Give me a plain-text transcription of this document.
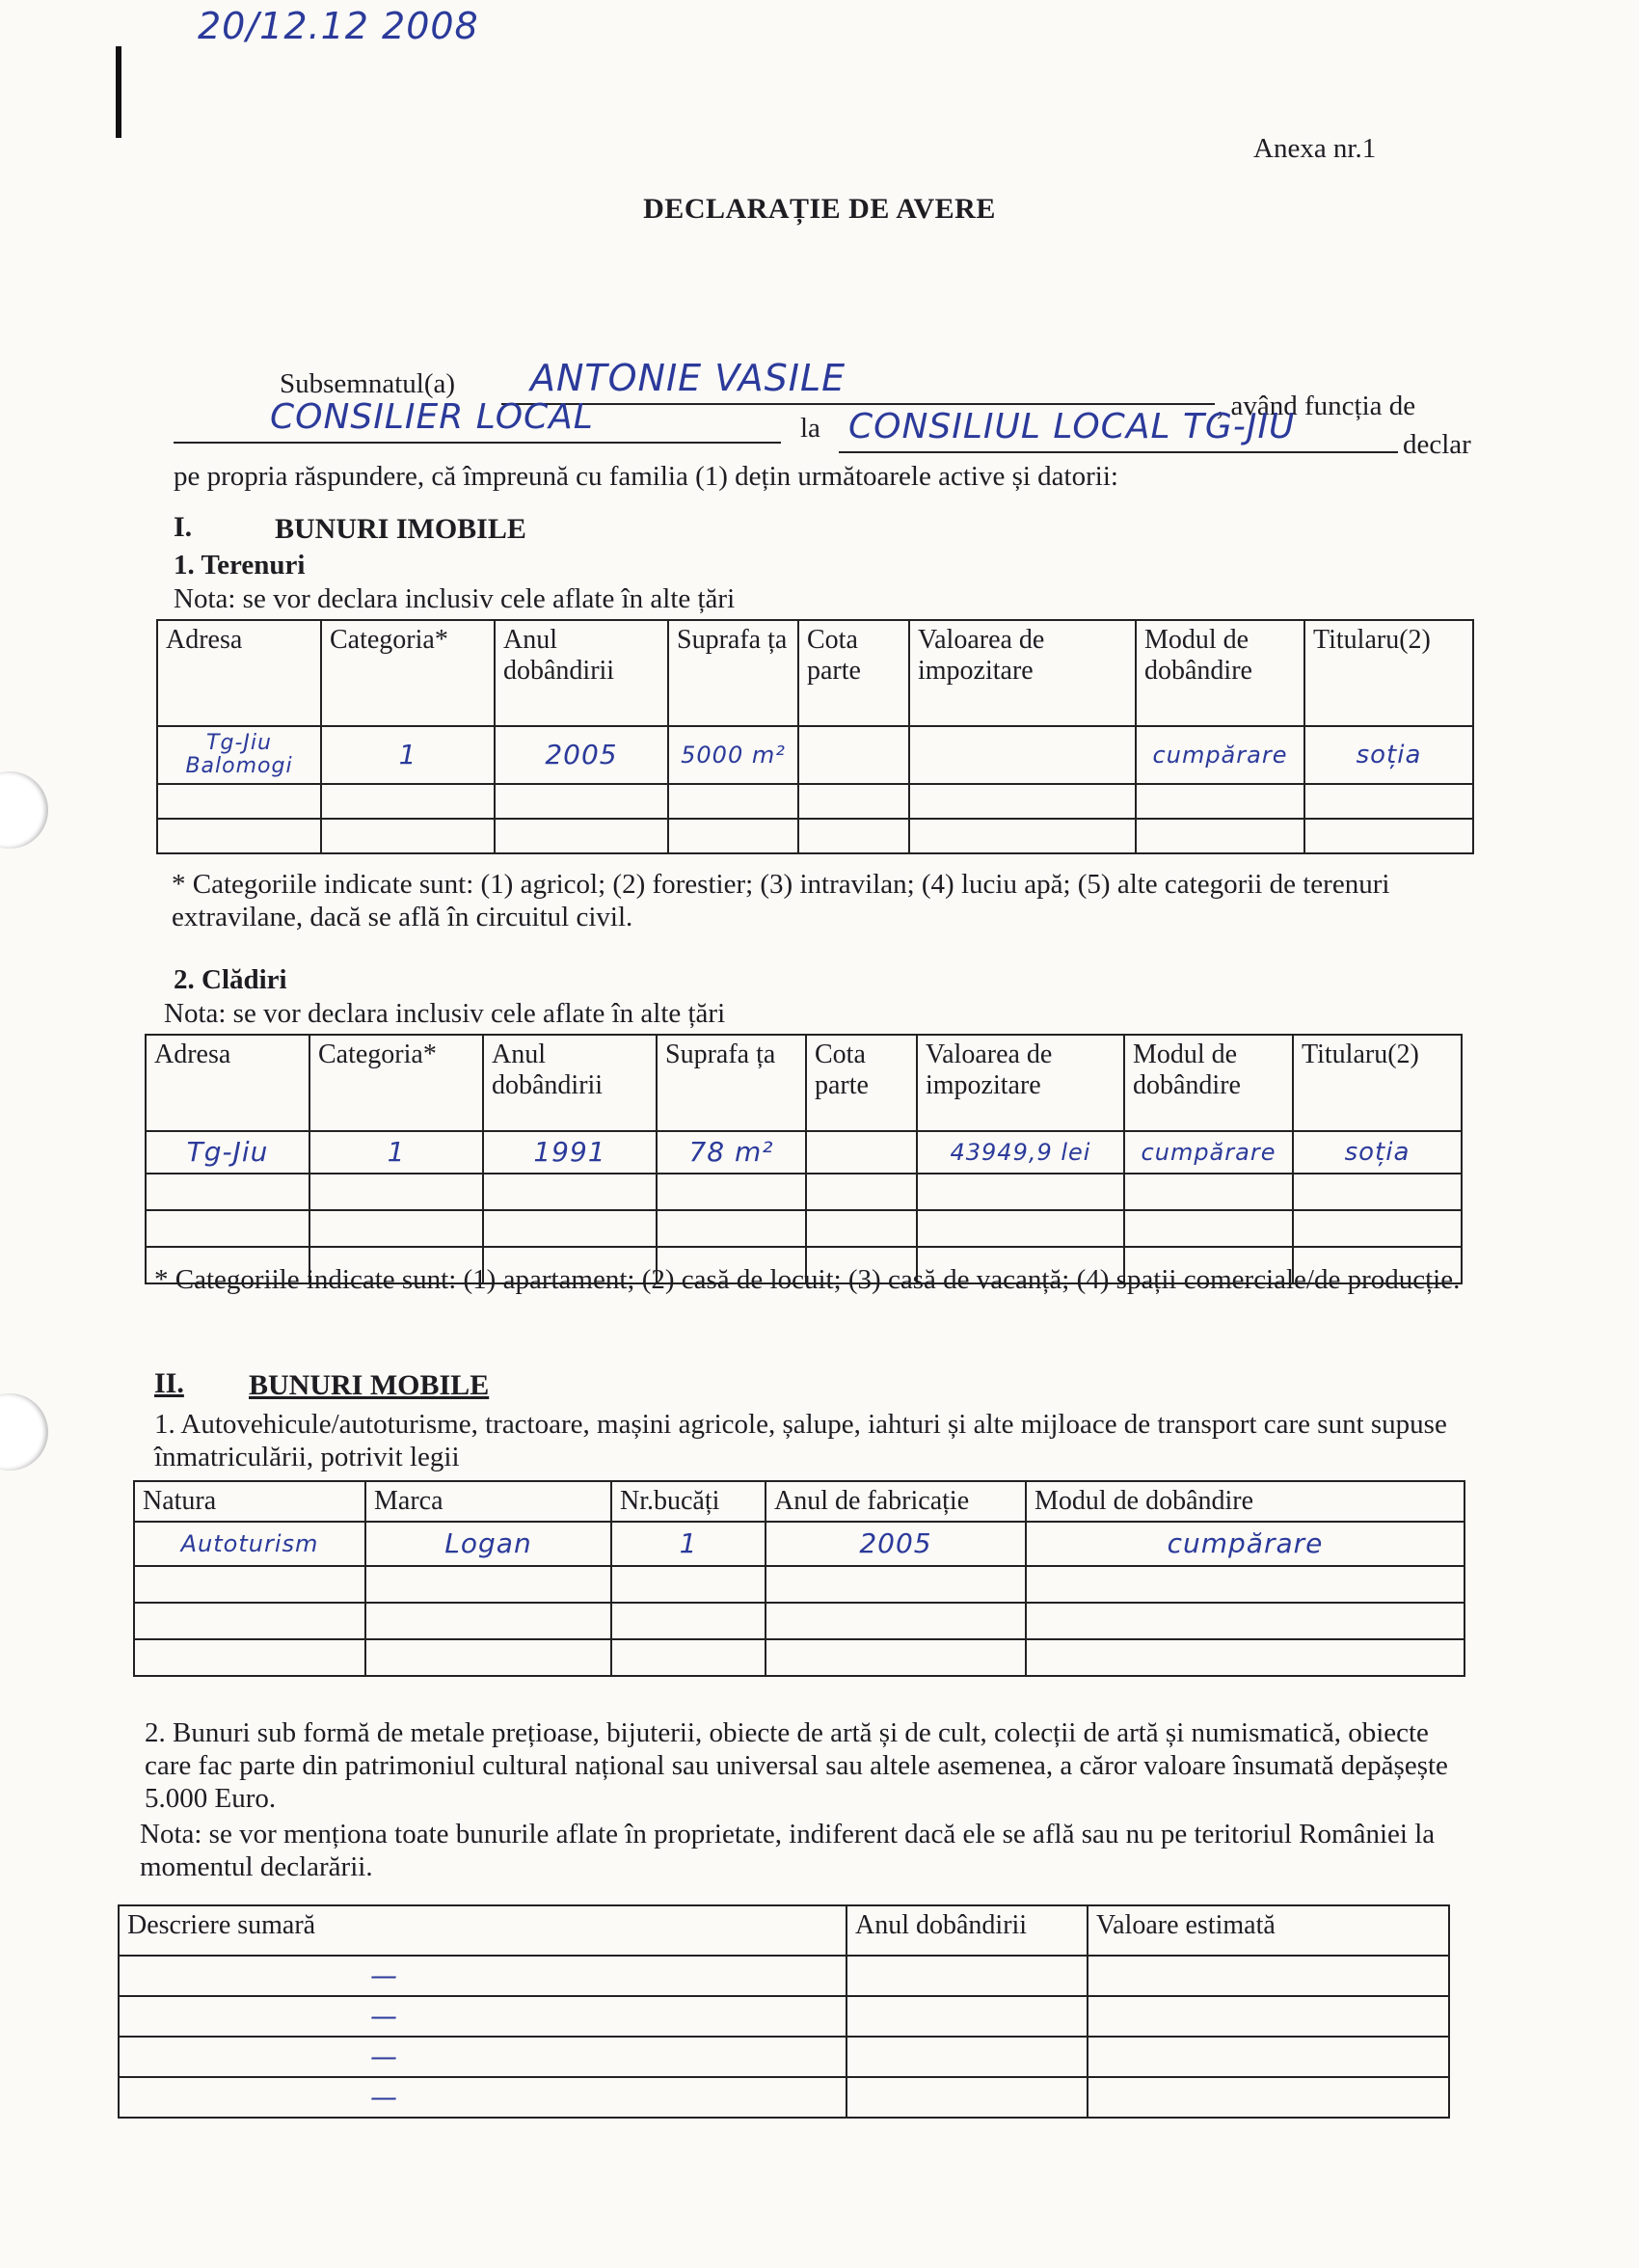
20/12.12 2008
Anexa nr.1
DECLARAȚIE DE AVERE
Subsemnatul(a) ANTONIE VASILE
, având funcția de
CONSILIER LOCAL	la CONSILIUL LOCAL TG-JIU	declar
pe propria răspundere, că împreună cu familia (1) dețin următoarele active și datorii:
I.	BUNURI IMOBILE
1. Terenuri
Nota: se vor declara inclusiv cele aflate în alte țări
Adresa	Categoria*	Anul dobândirii	Suprafa ța	Cota parte	Valoarea de impozitare	Modul de dobândire	Titularu(2)
Tg-Jiu Balomogi	1	2005	5000 m²			cumpărare	soția

* Categoriile indicate sunt: (1) agricol; (2) forestier; (3) intravilan; (4) luciu apă; (5) alte categorii de terenuri extravilane, dacă se află în circuitul civil.
2. Clădiri
Nota: se vor declara inclusiv cele aflate în alte țări
Adresa	Categoria*	Anul dobândirii	Suprafa ța	Cota parte	Valoarea de impozitare	Modul de dobândire	Titularu(2)
Tg-Jiu	1	1991	78 m²		43949,9 lei	cumpărare	soția

* Categoriile indicate sunt: (1) apartament; (2) casă de locuit; (3) casă de vacanță; (4) spații comerciale/de producție.
II. BUNURI MOBILE
1. Autovehicule/autoturisme, tractoare, mașini agricole, șalupe, iahturi și alte mijloace de transport care sunt supuse înmatriculării, potrivit legii
Natura	Marca	Nr.bucăți	Anul de fabricație	Modul de dobândire
Autoturism	Logan	1	2005	cumpărare

2. Bunuri sub formă de metale prețioase, bijuterii, obiecte de artă și de cult, colecții de artă și numismatică, obiecte care fac parte din patrimoniul cultural național sau universal sau altele asemenea, a căror valoare însumată depășește 5.000 Euro.
Nota: se vor menționa toate bunurile aflate în proprietate, indiferent dacă ele se află sau nu pe teritoriul României la momentul declarării.
Descriere sumară	Anul dobândirii	Valoare estimată
—		
—		
—		
—		
